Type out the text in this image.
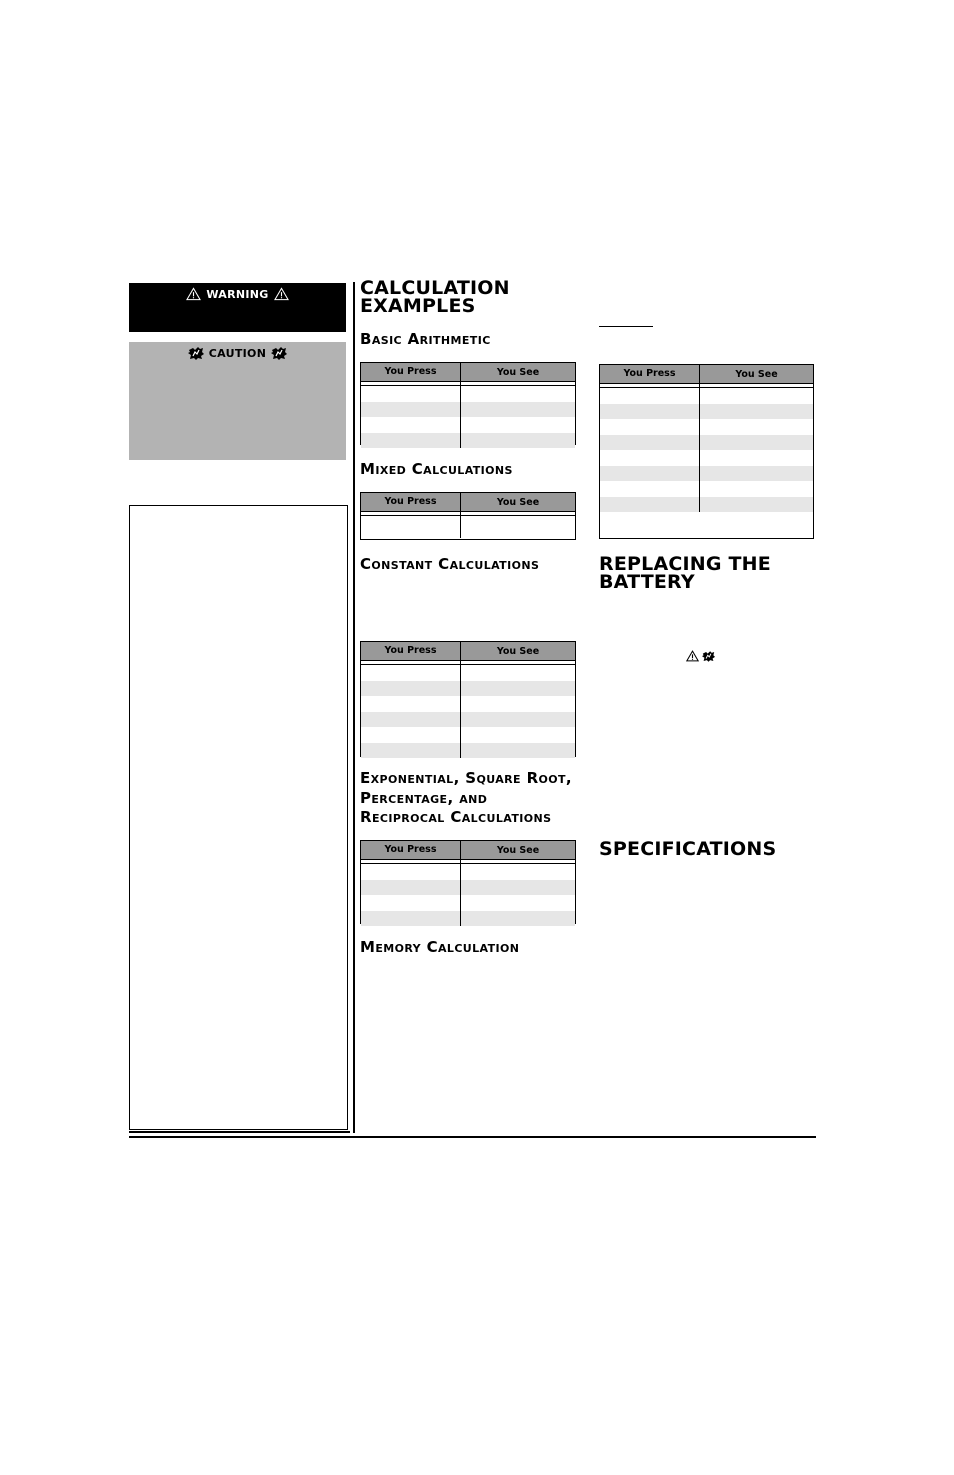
WARNING
CAUTION
CALCULATION EXAMPLES
Basic Arithmetic
You Press	You See
Mixed Calculations
You Press	You See
Constant Calculations
You Press	You See
Exponential, Square Root,
Percentage, and
Reciprocal Calculations
You Press	You See
Memory Calculation
You Press	You See
REPLACING THE BATTERY
SPECIFICATIONS
